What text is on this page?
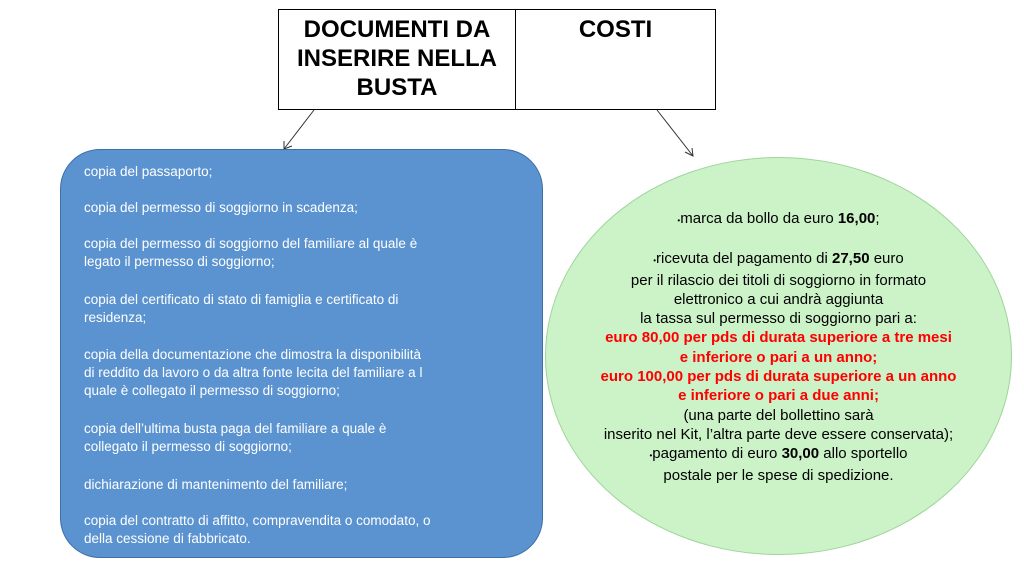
DOCUMENTI DA
INSERIRE NELLA
BUSTA
COSTI
• copia del passaporto;
• copia del permesso di soggiorno in scadenza;
• copia del permesso di soggiorno del familiare al quale è
legato il permesso di soggiorno;
• copia del certificato di stato di famiglia e certificato di
residenza;
• copia della documentazione che dimostra la disponibilità
di reddito da lavoro o da altra fonte lecita del familiare a l
quale è collegato il permesso di soggiorno;
• copia dell’ultima busta paga del familiare a quale è
collegato il permesso di soggiorno;
• dichiarazione di mantenimento del familiare;
• copia del contratto di affitto, compravendita o comodato, o
della cessione di fabbricato.

•marca da bollo da euro 16,00;

•ricevuta del pagamento di 27,50 euro

per il rilascio dei titoli di soggiorno in formato

elettronico a cui andrà aggiunta

la tassa sul permesso di soggiorno pari a:

euro 80,00 per pds di durata superiore a tre mesi

e inferiore o pari a un anno;

euro 100,00 per pds di durata superiore a un anno

e inferiore o pari a due anni;

(una parte del bollettino sarà

inserito nel Kit, l’altra parte deve essere conservata);

•pagamento di euro 30,00 allo sportello

postale per le spese di spedizione.
